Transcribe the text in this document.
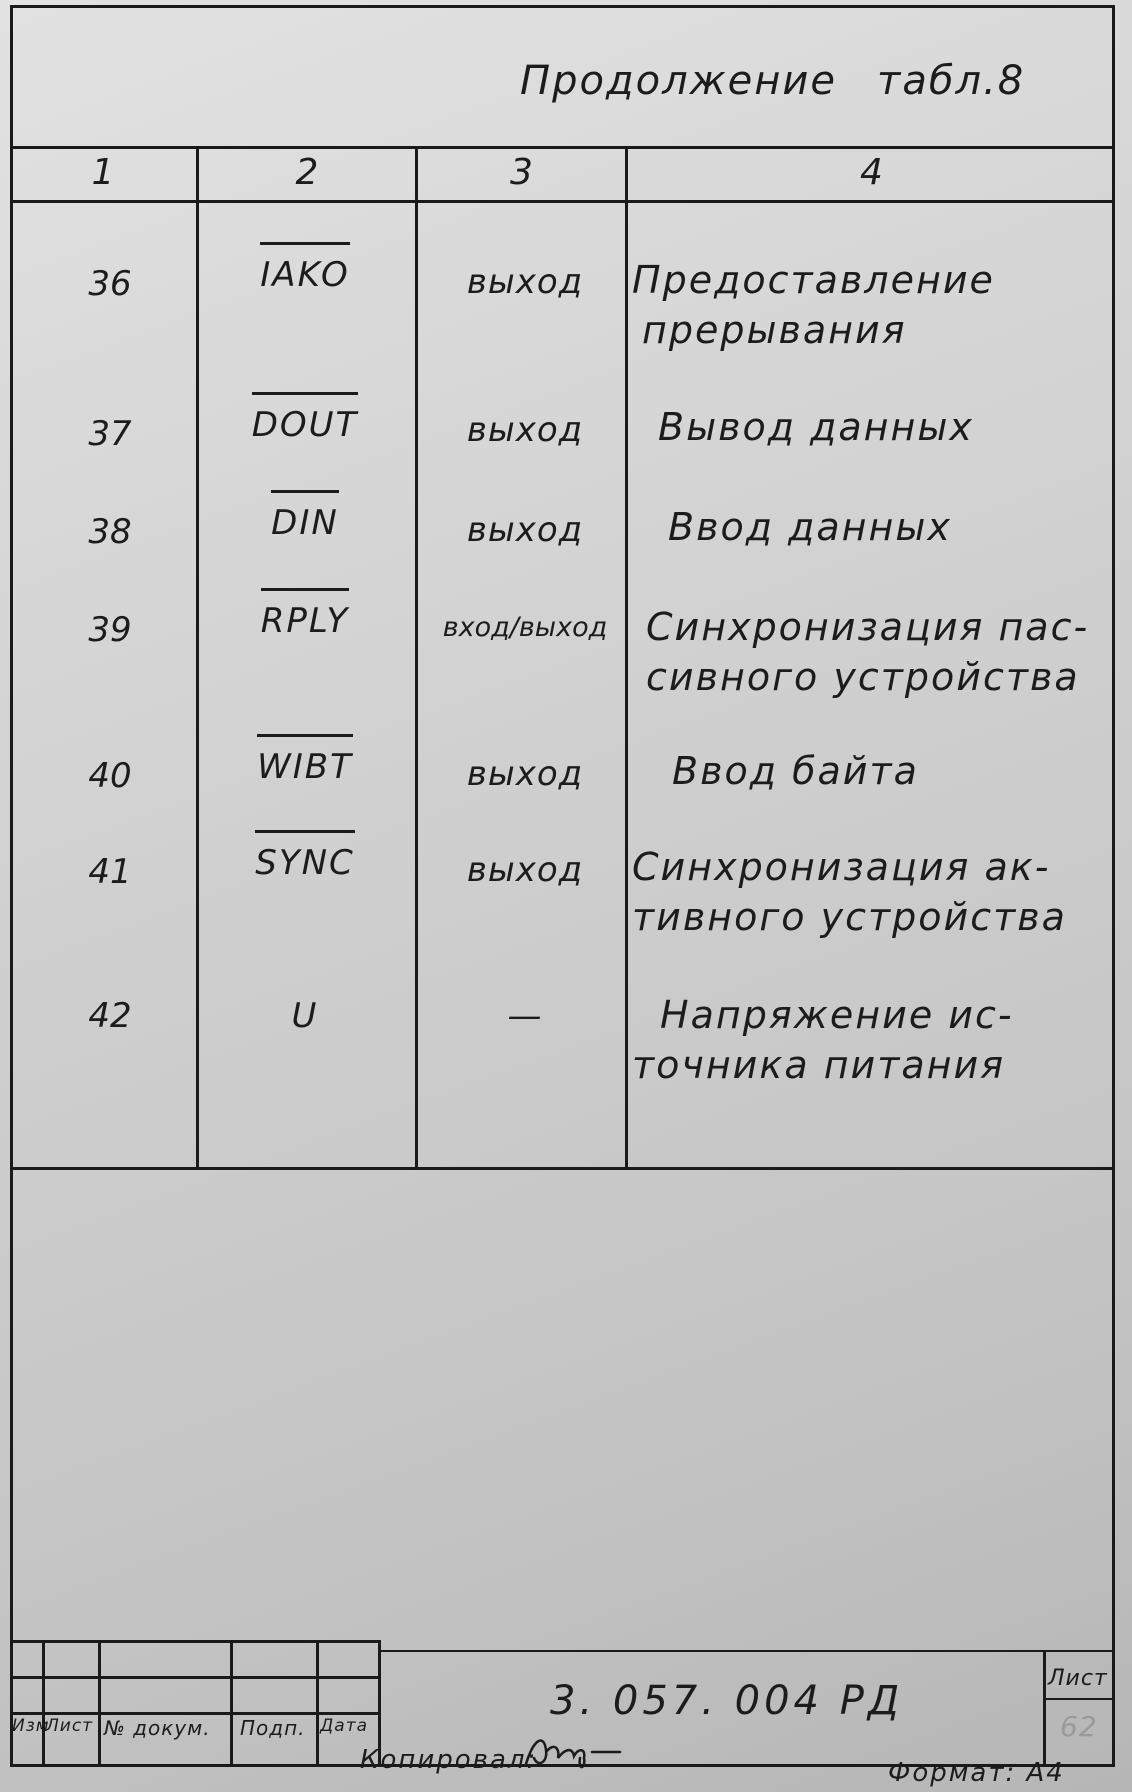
Продолжение табл.8
1	2	3	4
36	IAKO	выход	Предоставление
прерывания
37	DOUT	выход	Вывод данных
38	DIN	выход	Ввод данных
39	RPLY	вход/выход	Синхронизация пас-
сивного устройства
40	WIBT	выход	Ввод байта
41	SYNC	выход	Синхронизация ак-
тивного устройства
42	U	—	Напряжение ис-
точника питания
Изм
Лист № докум. Подп. Дата
Лист
62
3. 057. 004 РД
Копировал:	Формат: А4
